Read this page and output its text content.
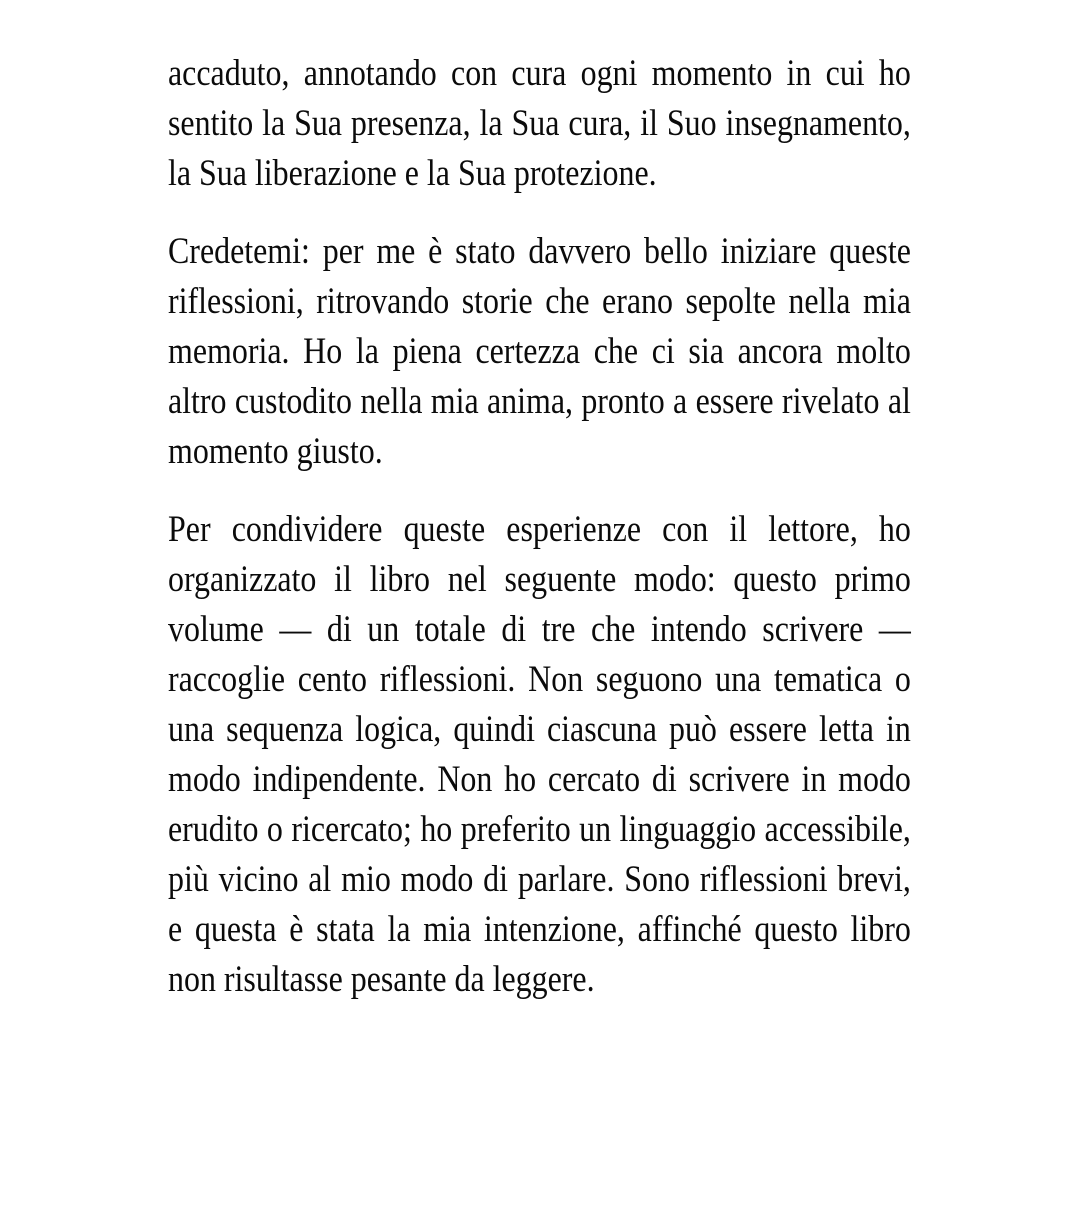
accaduto, annotando con cura ogni momento in cui ho sentito la Sua presenza, la Sua cura, il Suo insegnamento, la Sua liberazione e la Sua protezione.

Credetemi: per me è stato davvero bello iniziare queste riflessioni, ritrovando storie che erano sepolte nella mia memoria. Ho la piena certezza che ci sia ancora molto altro custodito nella mia anima, pronto a essere rivelato al momento giusto.

Per condividere queste esperienze con il lettore, ho organizzato il libro nel seguente modo: questo primo volume — di un totale di tre che intendo scrivere — raccoglie cento riflessioni. Non seguono una tematica o una sequenza logica, quindi ciascuna può essere letta in modo indipendente. Non ho cercato di scrivere in modo erudito o ricercato; ho preferito un linguaggio accessibile, più vicino al mio modo di parlare. Sono riflessioni brevi, e questa è stata la mia intenzione, affinché questo libro non risultasse pesante da leggere.
